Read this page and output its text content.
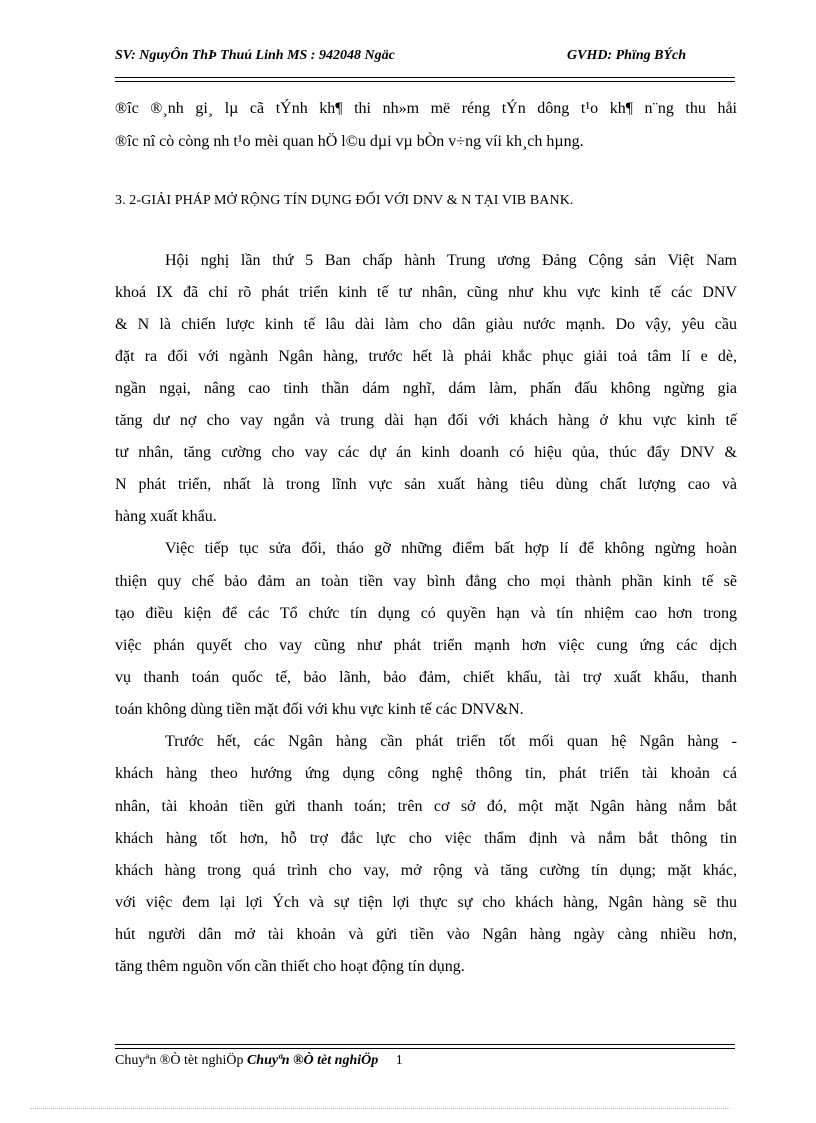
SV: NguyÔn ThÞ Thuú Linh MS : 942048 Ngäc	GVHD: Phïng BÝch
®îc ®¸nh gi¸ lµ cã tÝnh kh¶ thi nh»m më réng tÝn dông t¹o kh¶ n¨ng thu håi
®îc nî cò còng nh t¹o mèi quan hÖ l©u dµi vµ bÒn v÷ng víi kh¸ch hµng.
3. 2-GIẢI PHÁP MỞ RỘNG TÍN DỤNG ĐỐI VỚI DNV & N TẠI VIB BANK.
Hội nghị lần thứ 5 Ban chấp hành Trung ương Đảng Cộng sản Việt Nam
khoá IX đã chỉ rõ phát triển kinh tế tư nhân, cũng như khu vực kinh tế các DNV
& N là chiến lược kinh tế lâu dài làm cho dân giàu nước mạnh. Do vậy, yêu cầu
đặt ra đối với ngành Ngân hàng, trước hết là phải khắc phục giải toả tâm lí e dè,
ngần ngại, nâng cao tinh thần dám nghĩ, dám làm, phấn đấu không ngừng gia
tăng dư nợ cho vay ngắn và trung dài hạn đối với khách hàng ở khu vực kinh tế
tư nhân, tăng cường cho vay các dự án kinh doanh có hiệu qủa, thúc đẩy DNV &
N phát triển, nhất là trong lĩnh vực sản xuất hàng tiêu dùng chất lượng cao và
hàng xuất khẩu.
Việc tiếp tục sửa đổi, tháo gỡ những điểm bất hợp lí để không ngừng hoàn
thiện quy chế bảo đảm an toàn tiền vay bình đẳng cho mọi thành phần kinh tế sẽ
tạo điều kiện để các Tổ chức tín dụng có quyền hạn và tín nhiệm cao hơn trong
việc phán quyết cho vay cũng như phát triển mạnh hơn việc cung ứng các dịch
vụ thanh toán quốc tế, bảo lãnh, bảo đảm, chiết khấu, tài trợ xuất khẩu, thanh
toán không dùng tiền mặt đối với khu vực kinh tế các DNV&N.
Trước hết, các Ngân hàng cần phát triển tốt mối quan hệ Ngân hàng -
khách hàng theo hướng ứng dụng công nghệ thông tin, phát triển tài khoản cá
nhân, tài khoản tiền gửi thanh toán; trên cơ sở đó, một mặt Ngân hàng nắm bắt
khách hàng tốt hơn, hỗ trợ đắc lực cho việc thẩm định và nắm bắt thông tin
khách hàng trong quá trình cho vay, mở rộng và tăng cường tín dụng; mặt khác,
với việc đem lại lợi Ých và sự tiện lợi thực sự cho khách hàng, Ngân hàng sẽ thu
hút người dân mở tài khoản và gửi tiền vào Ngân hàng ngày càng nhiều hơn,
tăng thêm nguồn vốn cần thiết cho hoạt động tín dụng.
Chuyªn ®Ò tèt nghiÖp Chuyªn ®Ò tèt nghiÖp 1
